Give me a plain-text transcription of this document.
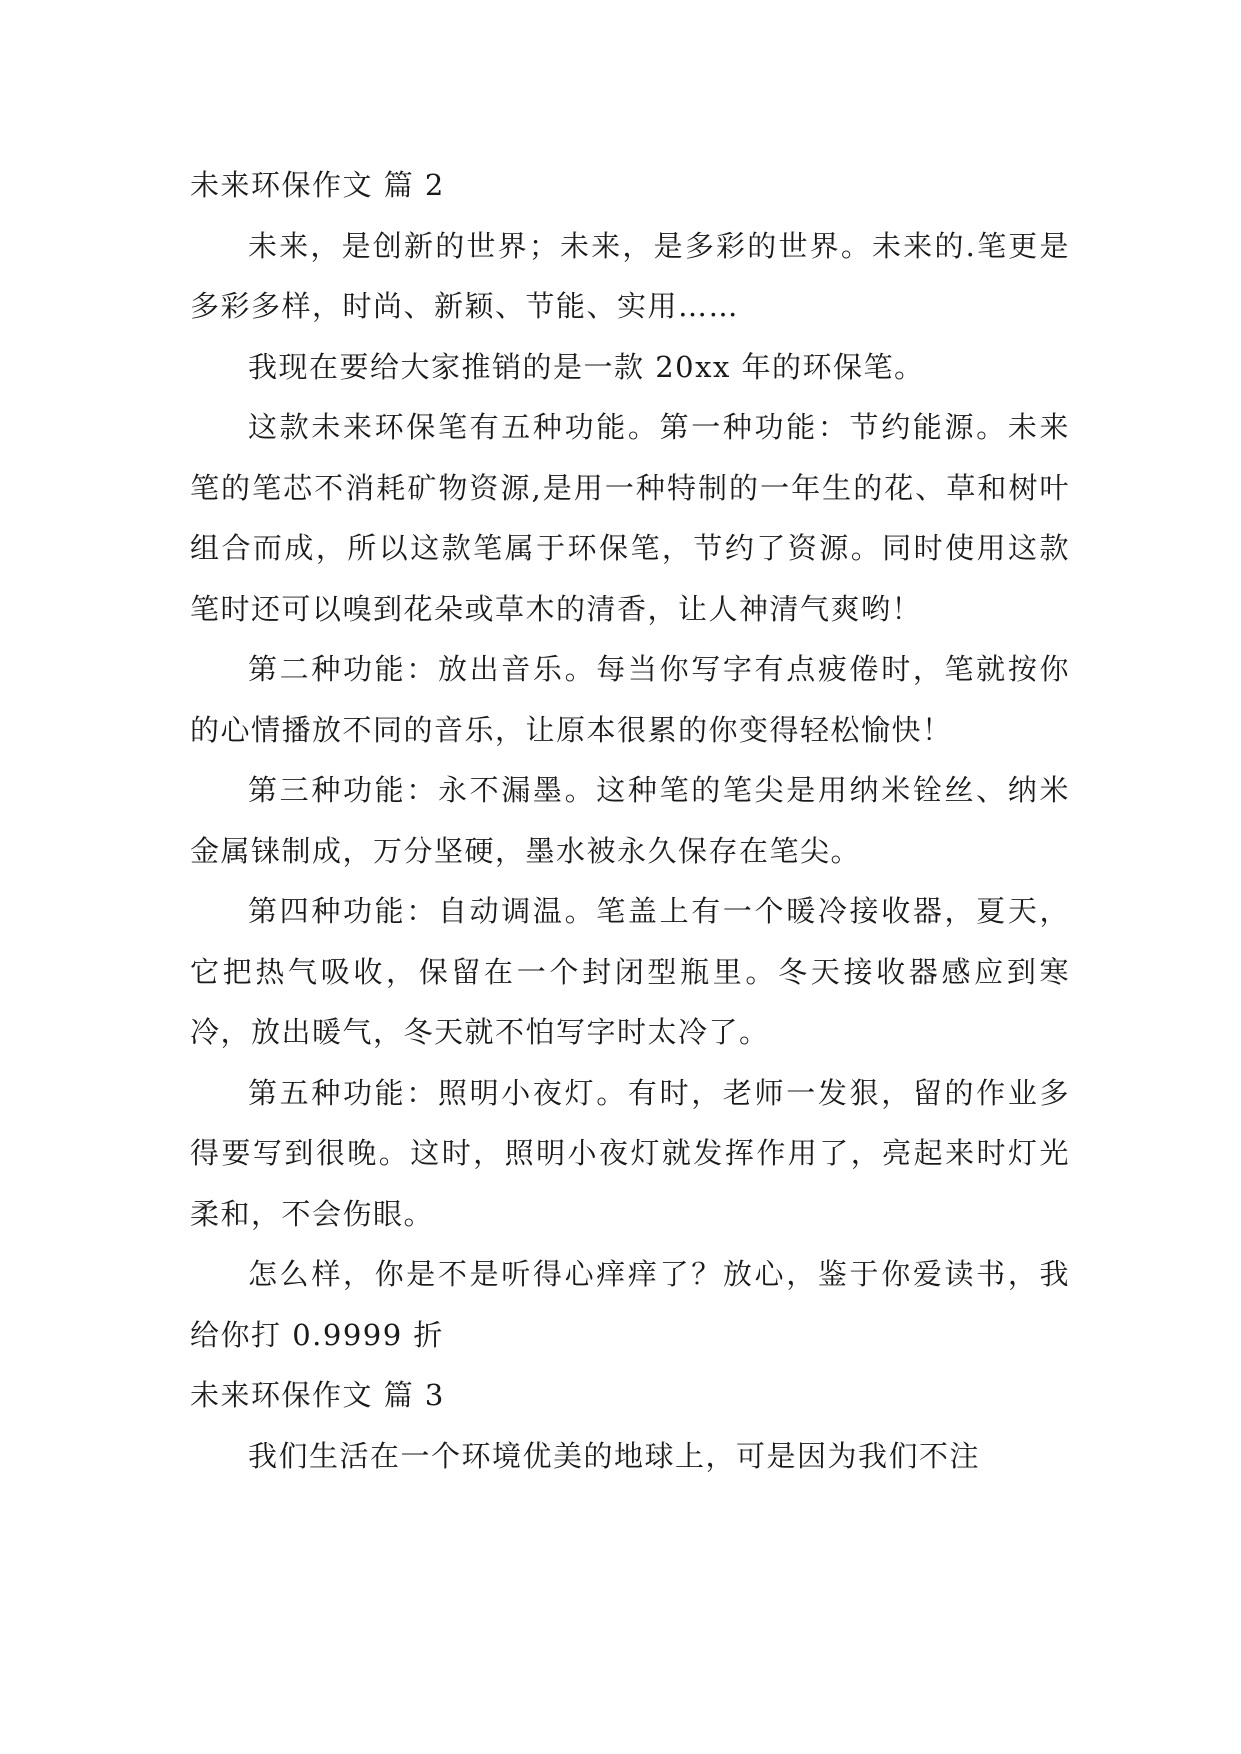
未来环保作文 篇 2

未来，是创新的世界；未来，是多彩的世界。未来的.笔更是多彩多样，时尚、新颖、节能、实用……

我现在要给大家推销的是一款 20xx 年的环保笔。

这款未来环保笔有五种功能。第一种功能：节约能源。未来笔的笔芯不消耗矿物资源,是用一种特制的一年生的花、草和树叶组合而成，所以这款笔属于环保笔，节约了资源。同时使用这款笔时还可以嗅到花朵或草木的清香，让人神清气爽哟！

第二种功能：放出音乐。每当你写字有点疲倦时，笔就按你的心情播放不同的音乐，让原本很累的你变得轻松愉快！

第三种功能：永不漏墨。这种笔的笔尖是用纳米铨丝、纳米金属铼制成，万分坚硬，墨水被永久保存在笔尖。

第四种功能：自动调温。笔盖上有一个暖冷接收器，夏天，它把热气吸收，保留在一个封闭型瓶里。冬天接收器感应到寒冷，放出暖气，冬天就不怕写字时太冷了。

第五种功能：照明小夜灯。有时，老师一发狠，留的作业多得要写到很晚。这时，照明小夜灯就发挥作用了，亮起来时灯光柔和，不会伤眼。

怎么样，你是不是听得心痒痒了？放心，鉴于你爱读书，我给你打 0.9999 折

未来环保作文 篇 3

我们生活在一个环境优美的地球上，可是因为我们不注
